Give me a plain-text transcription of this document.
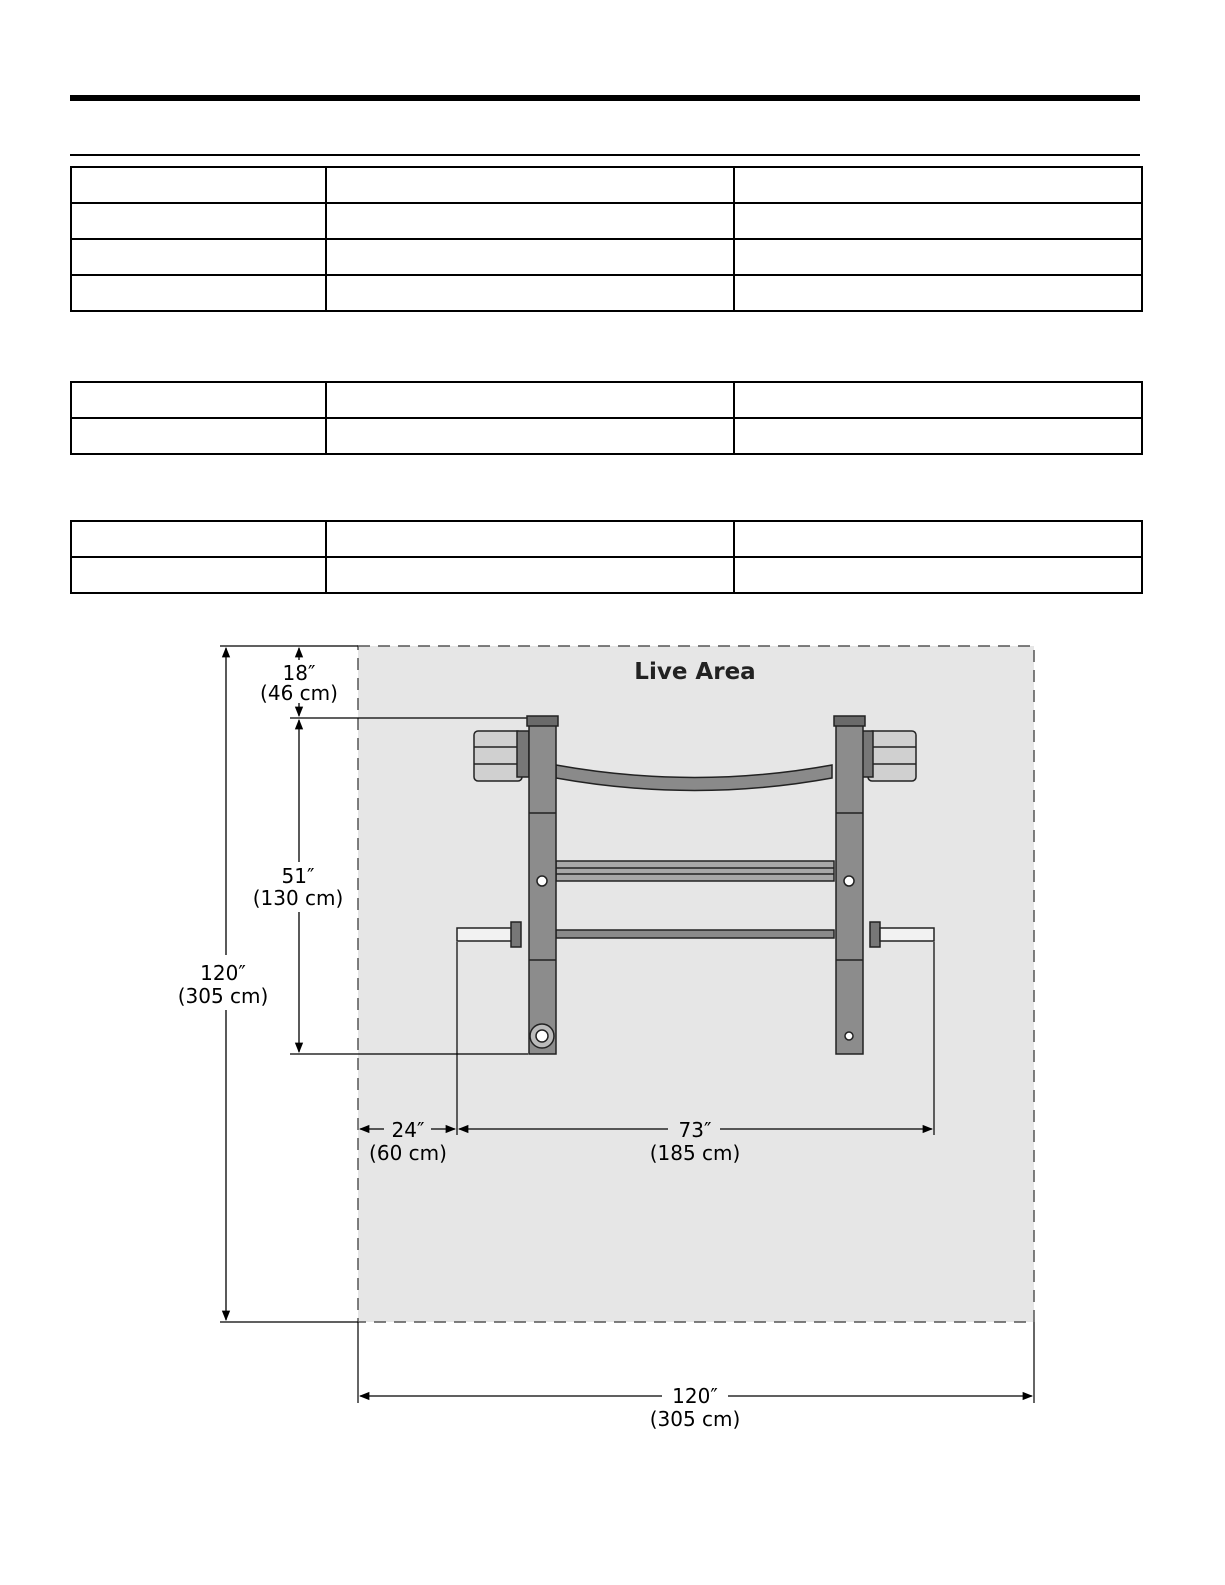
Live Area
18″
(46 cm)
51″
(130 cm)
120″
(305 cm)
24″
(60 cm)
73″
(185 cm)
120″
(305 cm)
